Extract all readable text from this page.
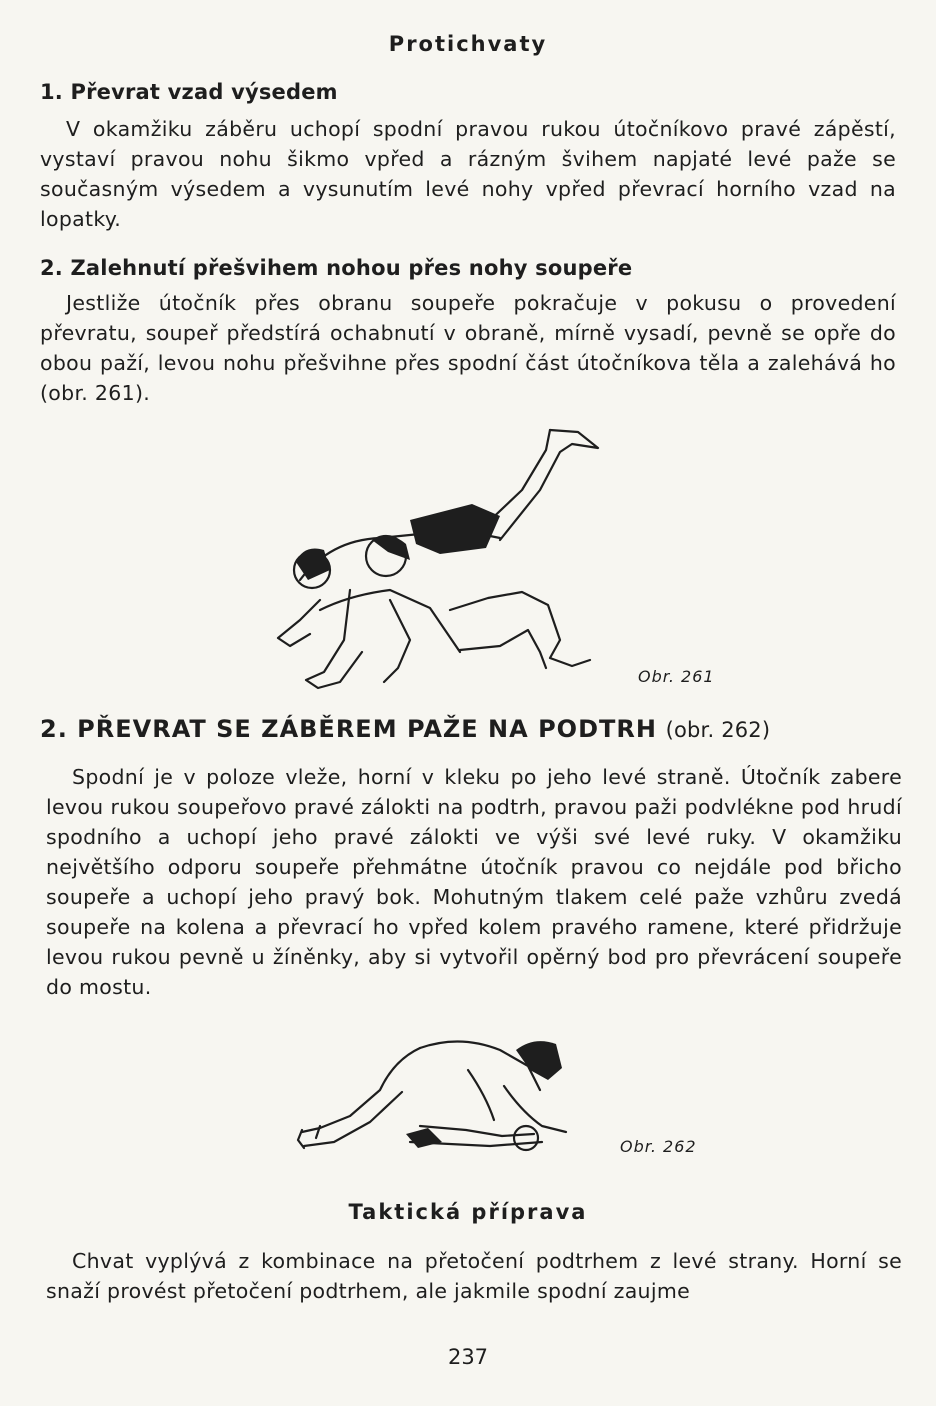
Protichvaty
1. Převrat vzad výsedem
V okamžiku záběru uchopí spodní pravou rukou útočníkovo pravé zápěstí, vystaví pravou nohu šikmo vpřed a rázným švihem napjaté levé paže se současným výsedem a vysunutím levé nohy vpřed převrací horního vzad na lopatky.
2. Zalehnutí přešvihem nohou přes nohy soupeře
Jestliže útočník přes obranu soupeře pokračuje v pokusu o provedení převratu, soupeř předstírá ochabnutí v obraně, mírně vysadí, pevně se opře do obou paží, levou nohu přešvihne přes spodní část útočníkova těla a zalehává ho (obr. 261).
Obr. 261
2. PŘEVRAT SE ZÁBĚREM PAŽE NA PODTRH (obr. 262)
Spodní je v poloze vleže, horní v kleku po jeho levé straně. Útočník zabere levou rukou soupeřovo pravé zálokti na podtrh, pravou paži podvlékne pod hrudí spodního a uchopí jeho pravé zálokti ve výši své levé ruky. V okamžiku největšího odporu soupeře přehmátne útočník pravou co nejdále pod břicho soupeře a uchopí jeho pravý bok. Mohutným tlakem celé paže vzhůru zvedá soupeře na kolena a převrací ho vpřed kolem pravého ramene, které přidržuje levou rukou pevně u žíněnky, aby si vytvořil opěrný bod pro převrácení soupeře do mostu.
Obr. 262
Taktická příprava
Chvat vyplývá z kombinace na přetočení podtrhem z levé strany. Horní se snaží provést přetočení podtrhem, ale jakmile spodní zaujme
237
